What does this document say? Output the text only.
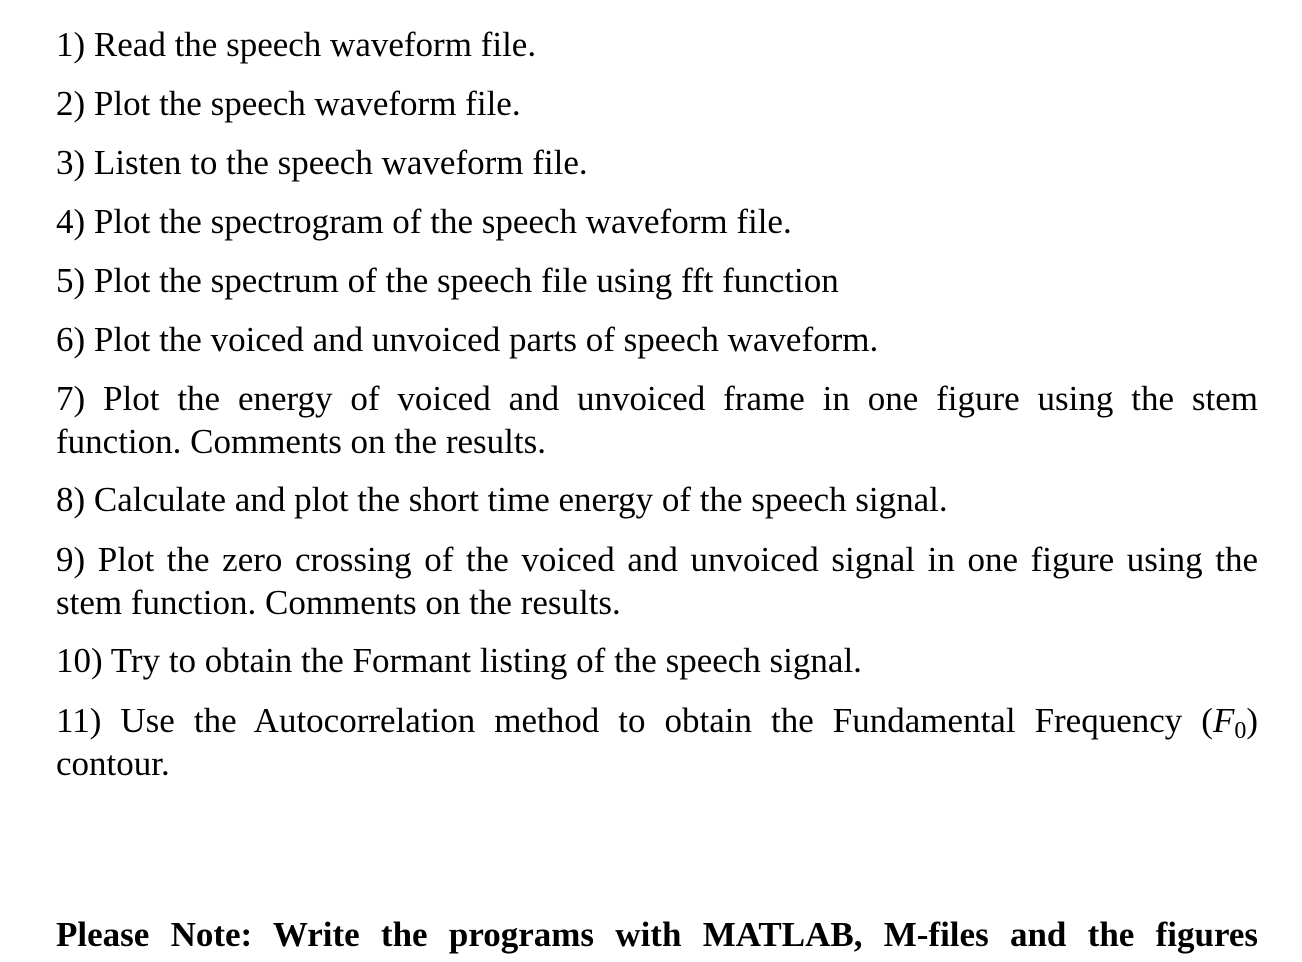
1) Read the speech waveform file.

2) Plot the speech waveform file.

3) Listen to the speech waveform file.

4) Plot the spectrogram of the speech waveform file.

5) Plot the spectrum of the speech file using fft function

6) Plot the voiced and unvoiced parts of speech waveform.

7) Plot the energy of voiced and unvoiced frame in one figure using the stem function. Comments on the results.

8) Calculate and plot the short time energy of the speech signal.

9) Plot the zero crossing of the voiced and unvoiced signal in one figure using the stem function. Comments on the results.

10) Try to obtain the Formant listing of the speech signal.

11) Use the Autocorrelation method to obtain the Fundamental Frequency $(F_0)$ contour.

Please Note: Write the programs with MATLAB, M-files and the figures
